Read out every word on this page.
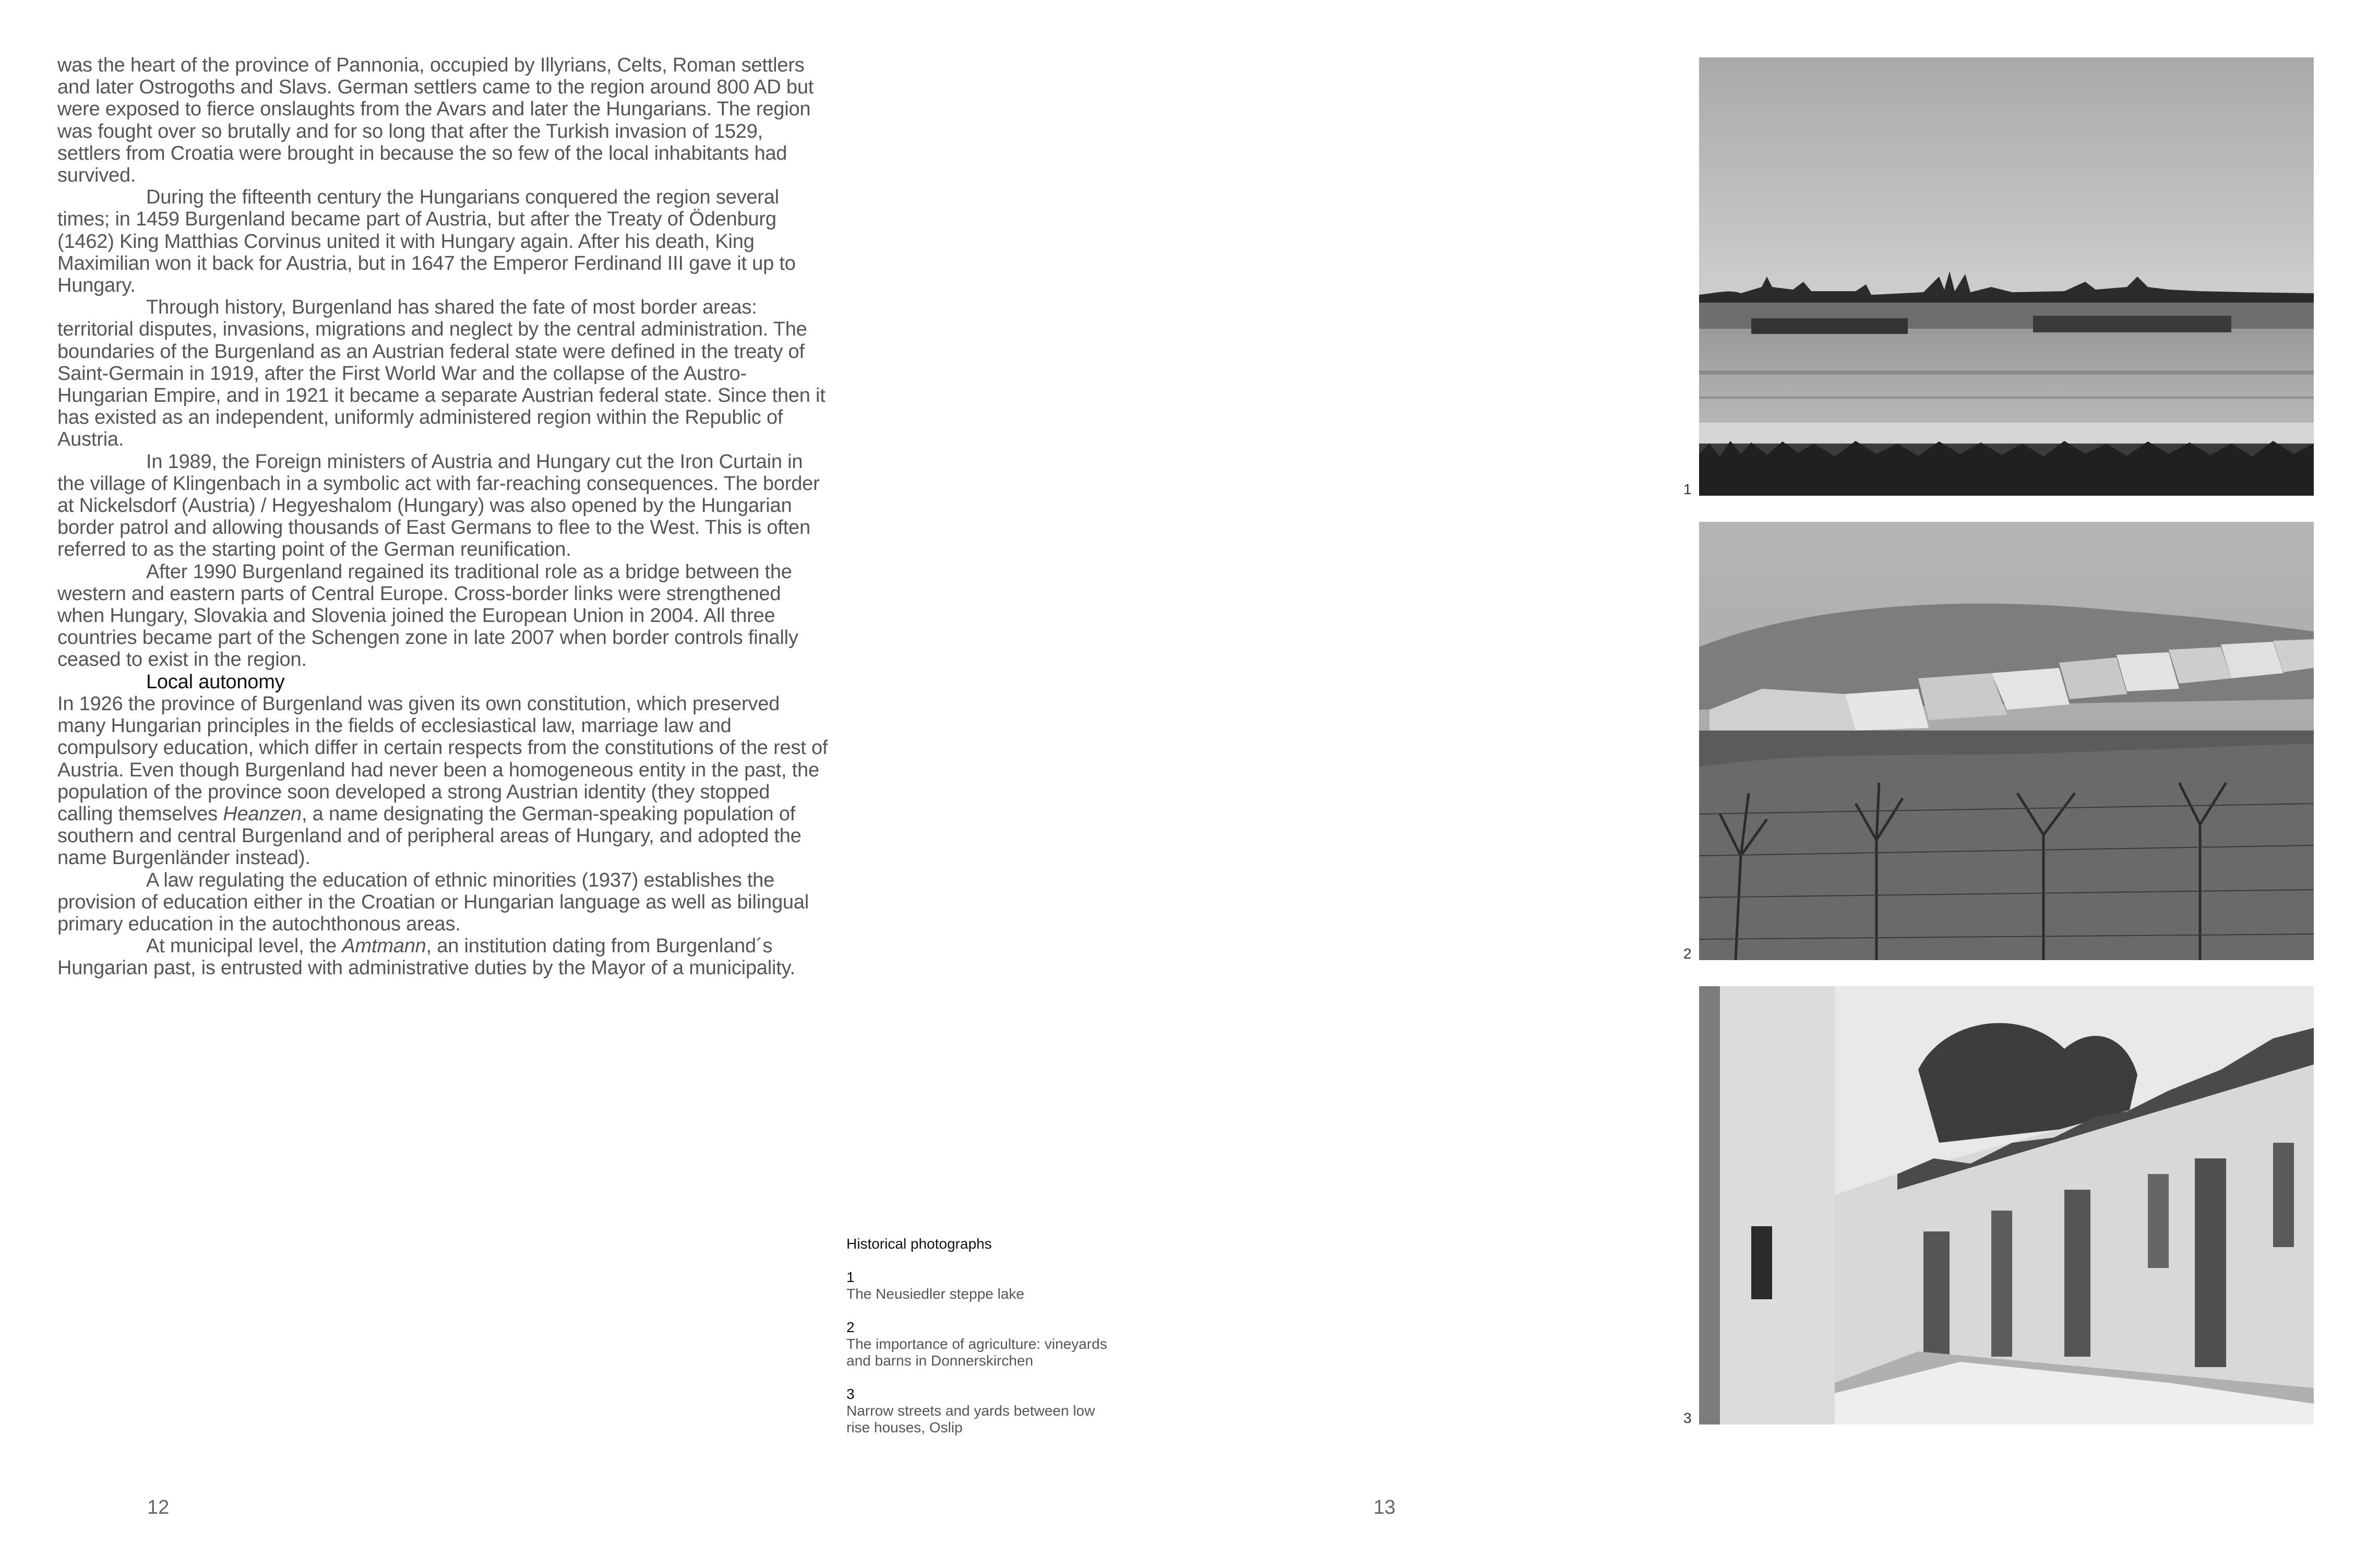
was the heart of the province of Pannonia, occupied by Illyrians, Celts, Roman settlers and later Ostrogoths and Slavs. German settlers came to the region around 800 AD but were exposed to fierce onslaughts from the Avars and later the Hungarians. The region was fought over so brutally and for so long that after the Turkish invasion of 1529, settlers from Croatia were brought in because the so few of the local inhabitants had survived.

During the fifteenth century the Hungarians conquered the region several times; in 1459 Burgenland became part of Austria, but after the Treaty of Ödenburg (1462) King Matthias Corvinus united it with Hungary again. After his death, King Maximilian won it back for Austria, but in 1647 the Emperor Ferdinand III gave it up to Hungary.

Through history, Burgenland has shared the fate of most border areas: territorial disputes, invasions, migrations and neglect by the central administration. The boundaries of the Burgenland as an Austrian federal state were defined in the treaty of Saint-Germain in 1919, after the First World War and the collapse of the Austro-Hungarian Empire, and in 1921 it became a separate Austrian federal state. Since then it has existed as an independent, uniformly administered region within the Republic of Austria.

In 1989, the Foreign ministers of Austria and Hungary cut the Iron Curtain in the village of Klingenbach in a symbolic act with far-reaching consequences. The border at Nickelsdorf (Austria) / Hegyeshalom (Hungary) was also opened by the Hungarian border patrol and allowing thousands of East Germans to flee to the West. This is often referred to as the starting point of the German reunification.

After 1990 Burgenland regained its traditional role as a bridge between the western and eastern parts of Central Europe. Cross-border links were strengthened when Hungary, Slovakia and Slovenia joined the European Union in 2004. All three countries became part of the Schengen zone in late 2007 when border controls finally ceased to exist in the region.

Local autonomy

In 1926 the province of Burgenland was given its own constitution, which preserved many Hungarian principles in the fields of ecclesiastical law, marriage law and compulsory education, which differ in certain respects from the constitutions of the rest of Austria. Even though Burgenland had never been a homogeneous entity in the past, the population of the province soon developed a strong Austrian identity (they stopped calling themselves Heanzen, a name designating the German-speaking population of southern and central Burgenland and of peripheral areas of Hungary, and adopted the name Burgenländer instead).

A law regulating the education of ethnic minorities (1937) establishes the provision of education either in the Croatian or Hungarian language as well as bilingual primary education in the autochthonous areas.

At municipal level, the Amtmann, an institution dating from Burgenland´s Hungarian past, is entrusted with administrative duties by the Mayor of a municipality.

Historical photographs

1
The Neusiedler steppe lake
2
The importance of agriculture: vineyards and barns in Donnerskirchen
3
Narrow streets and yards between low rise houses, Oslip
12	13
1
2
3
